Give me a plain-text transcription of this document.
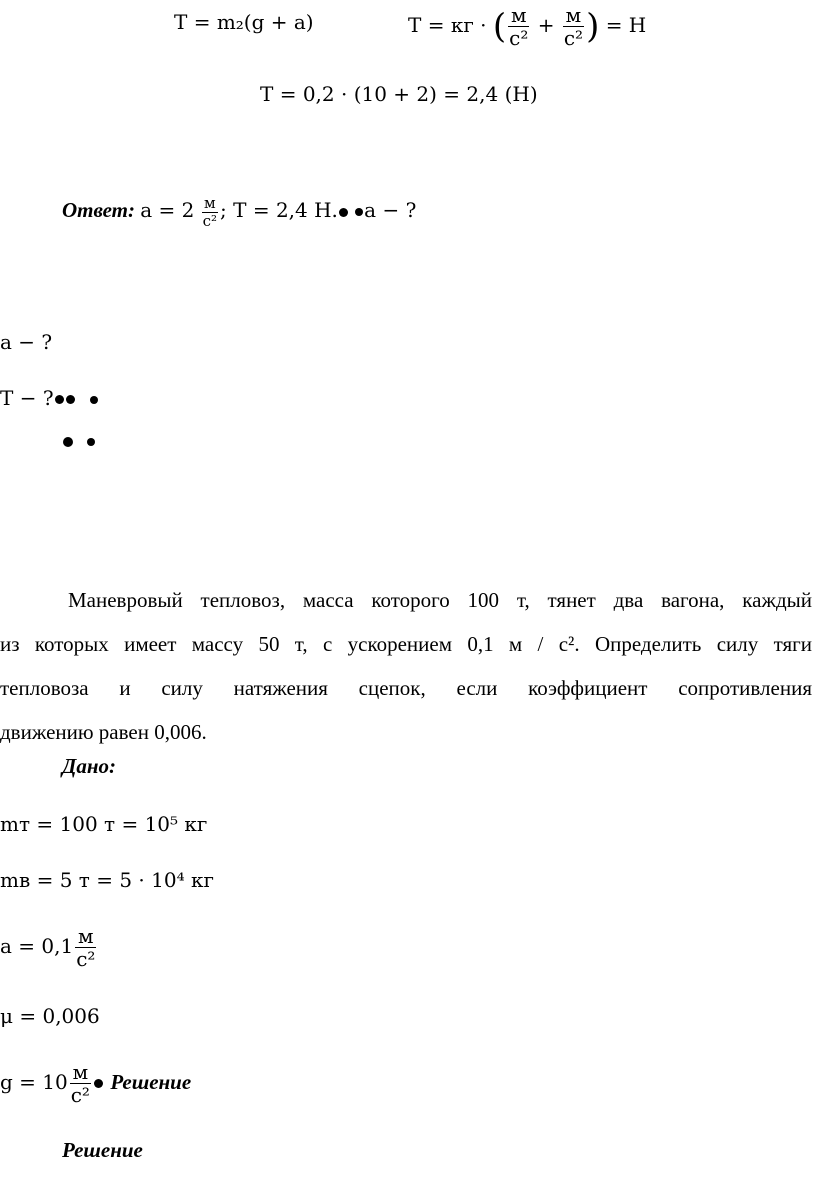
T = m₂(g + a)	T = кг · ( $\frac{м}{\text{с²}} + \frac{м}{\text{с²}}$ ) = Н
T = 0,2 · (10 + 2) = 2,4 (Н)
Ответ: $a = 2 \frac{м}{\text{с²}}$ ; T = 2,4 Н. a − ?
a − ?
T − ?

Маневровый тепловоз, масса которого 100 т, тянет два вагона, каждый
из которых имеет массу 50 т, с ускорением 0,1 м / с². Определить силу тяги
тепловоза и силу натяжения сцепок, если коэффициент сопротивления
движению равен 0,006.
Дано:
mт = 100 т = 10⁵ кг
mв = 5 т = 5 · 10⁴ кг
$a = 0,1 \frac{м}{\text{с²}}$
μ = 0,006
$g = 10 \frac{м}{\text{с²}}$ Решение
Решение
